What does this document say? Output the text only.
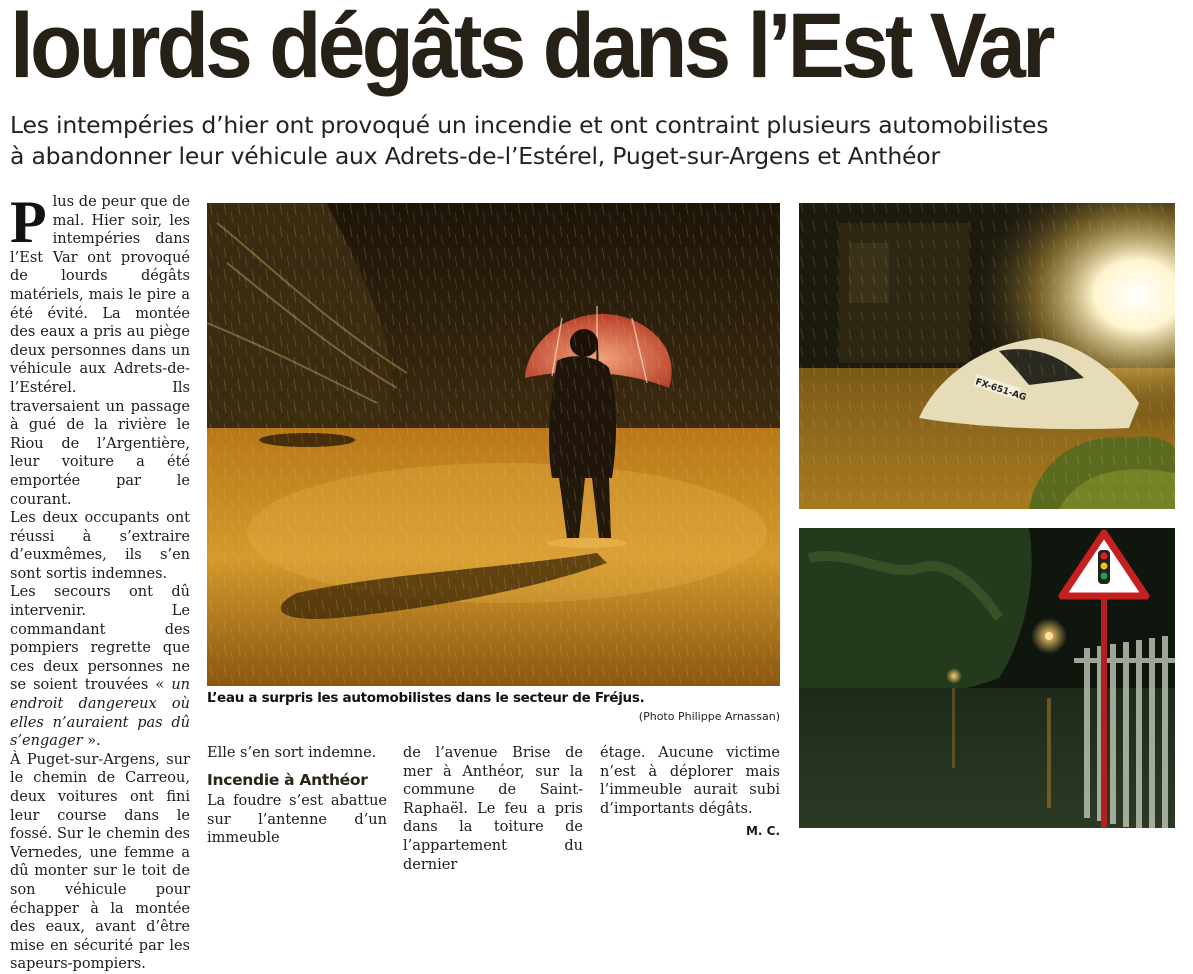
lourds dégâts dans l’Est Var
Les intempéries d’hier ont provoqué un incendie et ont contraint plusieurs automobilistes
à abandonner leur véhicule aux Adrets-de-l’Estérel, Puget-sur-Argens et Anthéor

Plus de peur que de mal. Hier soir, les intempéries dans l’Est Var ont provoqué de lourds dégâts matériels, mais le pire a été évité. La montée des eaux a pris au piège deux personnes dans un véhicule aux Adrets-de-l’Estérel. Ils traversaient un passage à gué de la rivière le Riou de l’Argentière, leur voiture a été emportée par le courant.

Les deux occupants ont réussi à s’extraire d’euxmêmes, ils s’en sont sortis indemnes.

Les secours ont dû intervenir. Le commandant des pompiers regrette que ces deux personnes ne se soient trouvées « un endroit dangereux où elles n’auraient pas dû s’engager ».

À Puget-sur-Argens, sur le chemin de Carreou, deux voitures ont fini leur course dans le fossé. Sur le chemin des Vernedes, une femme a dû monter sur le toit de son véhicule pour échapper à la montée des eaux, avant d’être mise en sécurité par les sapeurs-pompiers.

L’eau a surpris les automobilistes dans le secteur de Fréjus.
(Photo Philippe Arnassan)

Elle s’en sort indemne.

Incendie à Anthéor

La foudre s’est abattue sur l’antenne d’un immeuble

de l’avenue Brise de mer à Anthéor, sur la commune de Saint-Raphaël. Le feu a pris dans la toiture de l’appartement du dernier

étage. Aucune victime n’est à déplorer mais l’immeuble aurait subi d’importants dégâts.

M. C.
